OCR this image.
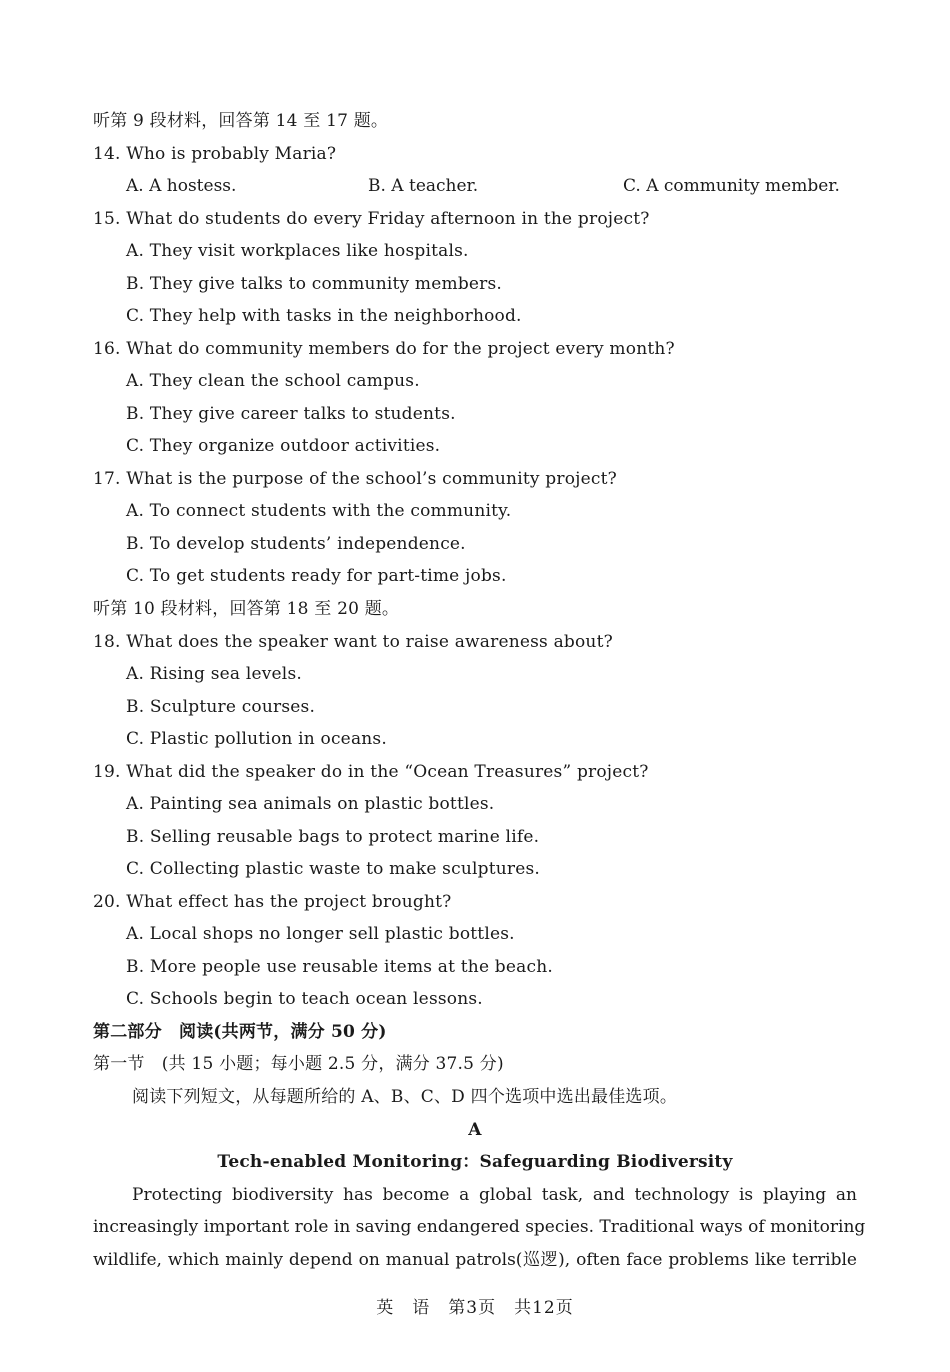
听第 9 段材料，回答第 14 至 17 题。
14. Who is probably Maria?
A. A hostess.	B. A teacher.	C. A community member.
15. What do students do every Friday afternoon in the project?
A. They visit workplaces like hospitals.
B. They give talks to community members.
C. They help with tasks in the neighborhood.
16. What do community members do for the project every month?
A. They clean the school campus.
B. They give career talks to students.
C. They organize outdoor activities.
17. What is the purpose of the school’s community project?
A. To connect students with the community.
B. To develop students’ independence.
C. To get students ready for part-time jobs.
听第 10 段材料，回答第 18 至 20 题。
18. What does the speaker want to raise awareness about?
A. Rising sea levels.
B. Sculpture courses.
C. Plastic pollution in oceans.
19. What did the speaker do in the “Ocean Treasures” project?
A. Painting sea animals on plastic bottles.
B. Selling reusable bags to protect marine life.
C. Collecting plastic waste to make sculptures.
20. What effect has the project brought?
A. Local shops no longer sell plastic bottles.
B. More people use reusable items at the beach.
C. Schools begin to teach ocean lessons.
第二部分　阅读(共两节，满分 50 分)
第一节　(共 15 小题；每小题 2.5 分，满分 37.5 分)
阅读下列短文，从每题所给的 A、B、C、D 四个选项中选出最佳选项。
A
Tech-enabled Monitoring：Safeguarding Biodiversity
Protecting biodiversity has become a global task, and technology is playing an
increasingly important role in saving endangered species. Traditional ways of monitoring
wildlife, which mainly depend on manual patrols(巡逻), often face problems like terrible
英　语　第3页　共12页
